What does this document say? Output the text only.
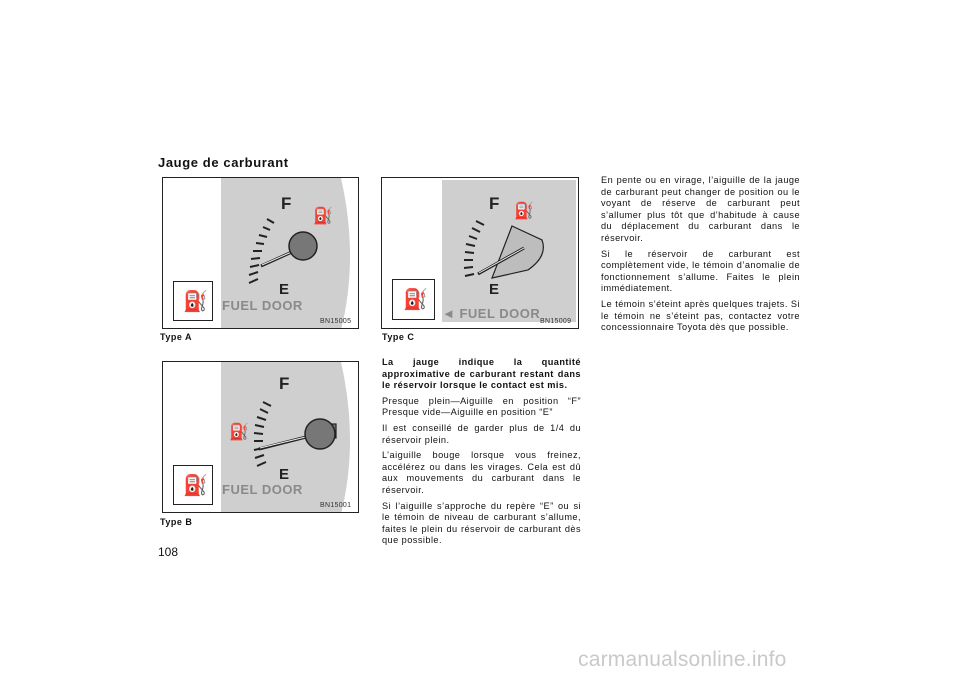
Jauge de carburant
F
E
⛽
⛽ FUEL DOOR
BN15005
Type A
F
E
⛽
⛽ FUEL DOOR
BN15001
Type B
F
E
⛽
⛽
◄ FUEL DOOR
BN15009
Type C

La jauge indique la quantité approximative de carburant restant dans le réservoir lorsque le contact est mis.

Presque plein—Aiguille en position “F” Presque vide—Aiguille en position “E”

Il est conseillé de garder plus de 1/4 du réservoir plein.

L’aiguille bouge lorsque vous freinez, accélérez ou dans les virages. Cela est dû aux mouvements du carburant dans le réservoir.

Si l’aiguille s’approche du repère “E” ou si le témoin de niveau de carburant s’allume, faites le plein du réservoir de carburant dès que possible.

En pente ou en virage, l’aiguille de la jauge de carburant peut changer de position ou le voyant de réserve de carburant peut s’allumer plus tôt que d’habitude à cause du déplacement du carburant dans le réservoir.

Si le réservoir de carburant est complètement vide, le témoin d’anomalie de fonctionnement s’allume. Faites le plein immédiatement.

Le témoin s’éteint après quelques trajets. Si le témoin ne s’éteint pas, contactez votre concessionnaire Toyota dès que possible.

108
carmanualsonline.info
